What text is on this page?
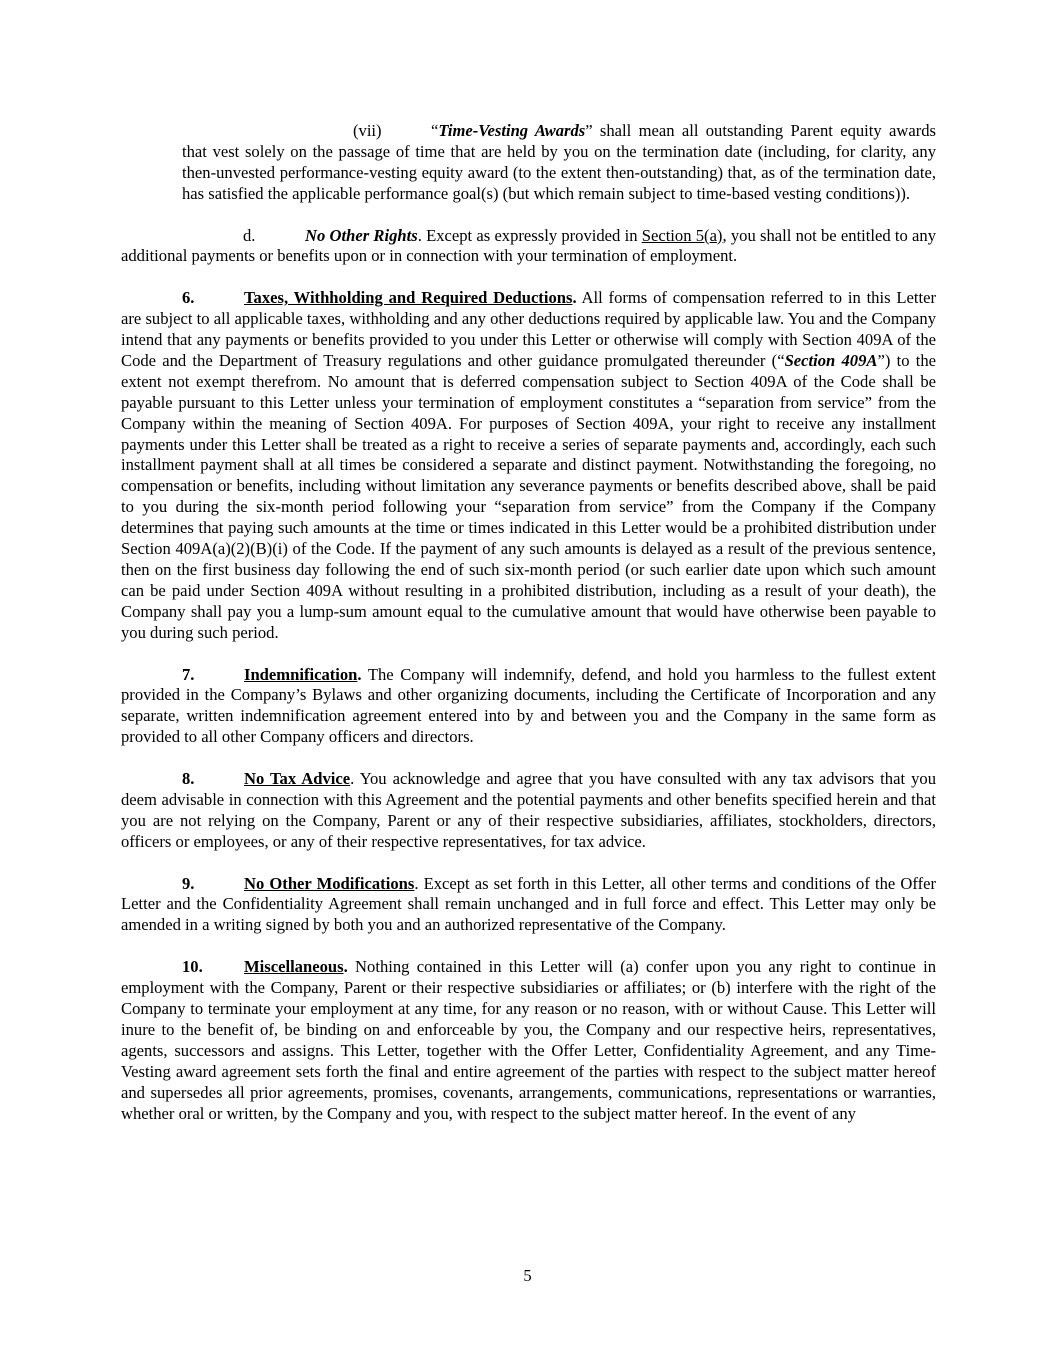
(vii)	“Time-Vesting Awards” shall mean all outstanding Parent equity awards that vest solely on the passage of time that are held by you on the termination date (including, for clarity, any then-unvested performance-vesting equity award (to the extent then-outstanding) that, as of the termination date, has satisfied the applicable performance goal(s) (but which remain subject to time-based vesting conditions)).

d.	No Other Rights. Except as expressly provided in Section 5(a), you shall not be entitled to any additional payments or benefits upon or in connection with your termination of employment.

6.	Taxes, Withholding and Required Deductions. All forms of compensation referred to in this Letter are subject to all applicable taxes, withholding and any other deductions required by applicable law. You and the Company intend that any payments or benefits provided to you under this Letter or otherwise will comply with Section 409A of the Code and the Department of Treasury regulations and other guidance promulgated thereunder (“Section 409A”) to the extent not exempt therefrom. No amount that is deferred compensation subject to Section 409A of the Code shall be payable pursuant to this Letter unless your termination of employment constitutes a “separation from service” from the Company within the meaning of Section 409A. For purposes of Section 409A, your right to receive any installment payments under this Letter shall be treated as a right to receive a series of separate payments and, accordingly, each such installment payment shall at all times be considered a separate and distinct payment. Notwithstanding the foregoing, no compensation or benefits, including without limitation any severance payments or benefits described above, shall be paid to you during the six-month period following your “separation from service” from the Company if the Company determines that paying such amounts at the time or times indicated in this Letter would be a prohibited distribution under Section 409A(a)(2)(B)(i) of the Code. If the payment of any such amounts is delayed as a result of the previous sentence, then on the first business day following the end of such six-month period (or such earlier date upon which such amount can be paid under Section 409A without resulting in a prohibited distribution, including as a result of your death), the Company shall pay you a lump-sum amount equal to the cumulative amount that would have otherwise been payable to you during such period.

7.	Indemnification. The Company will indemnify, defend, and hold you harmless to the fullest extent provided in the Company’s Bylaws and other organizing documents, including the Certificate of Incorporation and any separate, written indemnification agreement entered into by and between you and the Company in the same form as provided to all other Company officers and directors.

8.	No Tax Advice. You acknowledge and agree that you have consulted with any tax advisors that you deem advisable in connection with this Agreement and the potential payments and other benefits specified herein and that you are not relying on the Company, Parent or any of their respective subsidiaries, affiliates, stockholders, directors, officers or employees, or any of their respective representatives, for tax advice.

9.	No Other Modifications. Except as set forth in this Letter, all other terms and conditions of the Offer Letter and the Confidentiality Agreement shall remain unchanged and in full force and effect. This Letter may only be amended in a writing signed by both you and an authorized representative of the Company.

10. Miscellaneous. Nothing contained in this Letter will (a) confer upon you any right to continue in employment with the Company, Parent or their respective subsidiaries or affiliates; or (b) interfere with the right of the Company to terminate your employment at any time, for any reason or no reason, with or without Cause. This Letter will inure to the benefit of, be binding on and enforceable by you, the Company and our respective heirs, representatives, agents, successors and assigns. This Letter, together with the Offer Letter, Confidentiality Agreement, and any Time-Vesting award agreement sets forth the final and entire agreement of the parties with respect to the subject matter hereof and supersedes all prior agreements, promises, covenants, arrangements, communications, representations or warranties, whether oral or written, by the Company and you, with respect to the subject matter hereof. In the event of any

5
